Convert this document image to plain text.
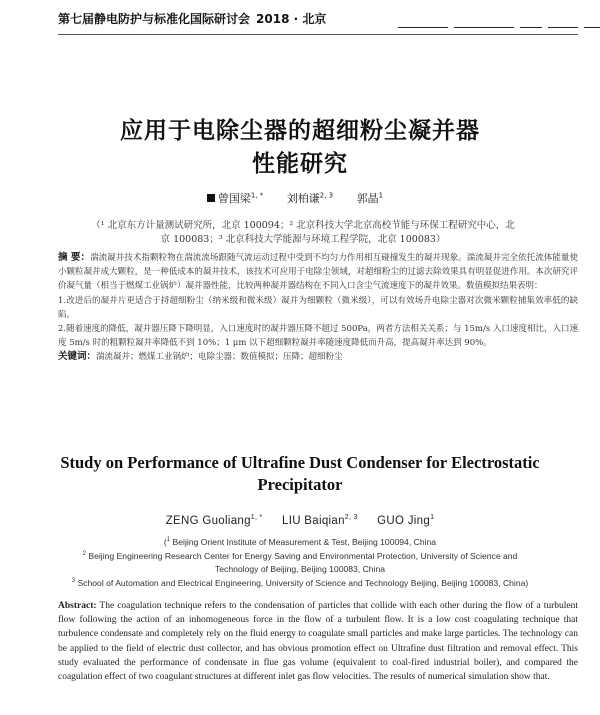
第七届静电防护与标准化国际研讨会 2018 · 北京
应用于电除尘器的超细粉尘凝并器
性能研究
曾国梁$^{1, *}$ 刘柏谦$^{2, 3}$ 郭晶$^1$
（¹ 北京东方计量测试研究所，北京 100094；² 北京科技大学北京高校节能与环保工程研究中心，北
京 100083；³ 北京科技大学能源与环境工程学院，北京 100083）

摘 要：湍流凝并技术指颗粒物在湍流流场跟随气流运动过程中受到不均匀力作用相互碰撞发生的凝并现象。湍流凝并完全依托流体能量使小颗粒凝并成大颗粒，是一种低成本的凝并技术，该技术可应用于电除尘领域，对超细粉尘的过滤去除效果具有明显促进作用。本次研究评价凝气量（相当于燃煤工业锅炉）凝并器性能，比较两种凝并器结构在不同入口含尘气流速度下的凝并效果。数值模拟结果表明：

1.改进后的凝并片更适合于捋超细粉尘（纳米级和微米级）凝并为细颗粒（微米级），可以有效场升电除尘器对次微米颗粒捕集效率低的缺陷。

2.随着速度的降低，凝并器压降下降明显，入口速度时的凝并器压降不超过 500Pa，两者方法相关关系；与 15m/s 入口速度相比，入口速度 5m/s 时的粗颗粒凝并率降低不到 10%；1 μm 以下超细颗粒凝并率随速度降低而升高，提高凝并率达到 90%。

关键词：湍流凝并；燃煤工业锅炉；电除尘器；数值模拟；压降；超细粉尘

Study on Performance of Ultrafine Dust Condenser for Electrostatic
Precipitator
ZENG Guoliang$^{1, *}$ LIU Baiqian$^{2, 3}$ GUO Jing$^1$
($^1$ Beijing Orient Institute of Measurement & Test, Beijing 100094, China
$^2$ Beijing Engineering Research Center for Energy Saving and Environmental Protection, University of Science and
Technology of Beijing, Beijing 100083, China
$^3$ School of Automation and Electrical Engineering, University of Science and Technology Beijing, Beijing 100083, China)
Abstract: The coagulation technique refers to the condensation of particles that collide with each other during the flow of a turbulent flow following the action of an inhomogeneous force in the flow of a turbulent flow. It is a low cost coagulating technique that turbulence condensate and completely rely on the fluid energy to coagulate small particles and make large particles. The technology can be applied to the field of electric dust collector, and has obvious promotion effect on Ultrafine dust filtration and removal effect. This study evaluated the performance of condensate in flue gas volume (equivalent to coal-fired industrial boiler), and compared the coagulation effect of two coagulant structures at different inlet gas flow velocities. The results of numerical simulation show that.
